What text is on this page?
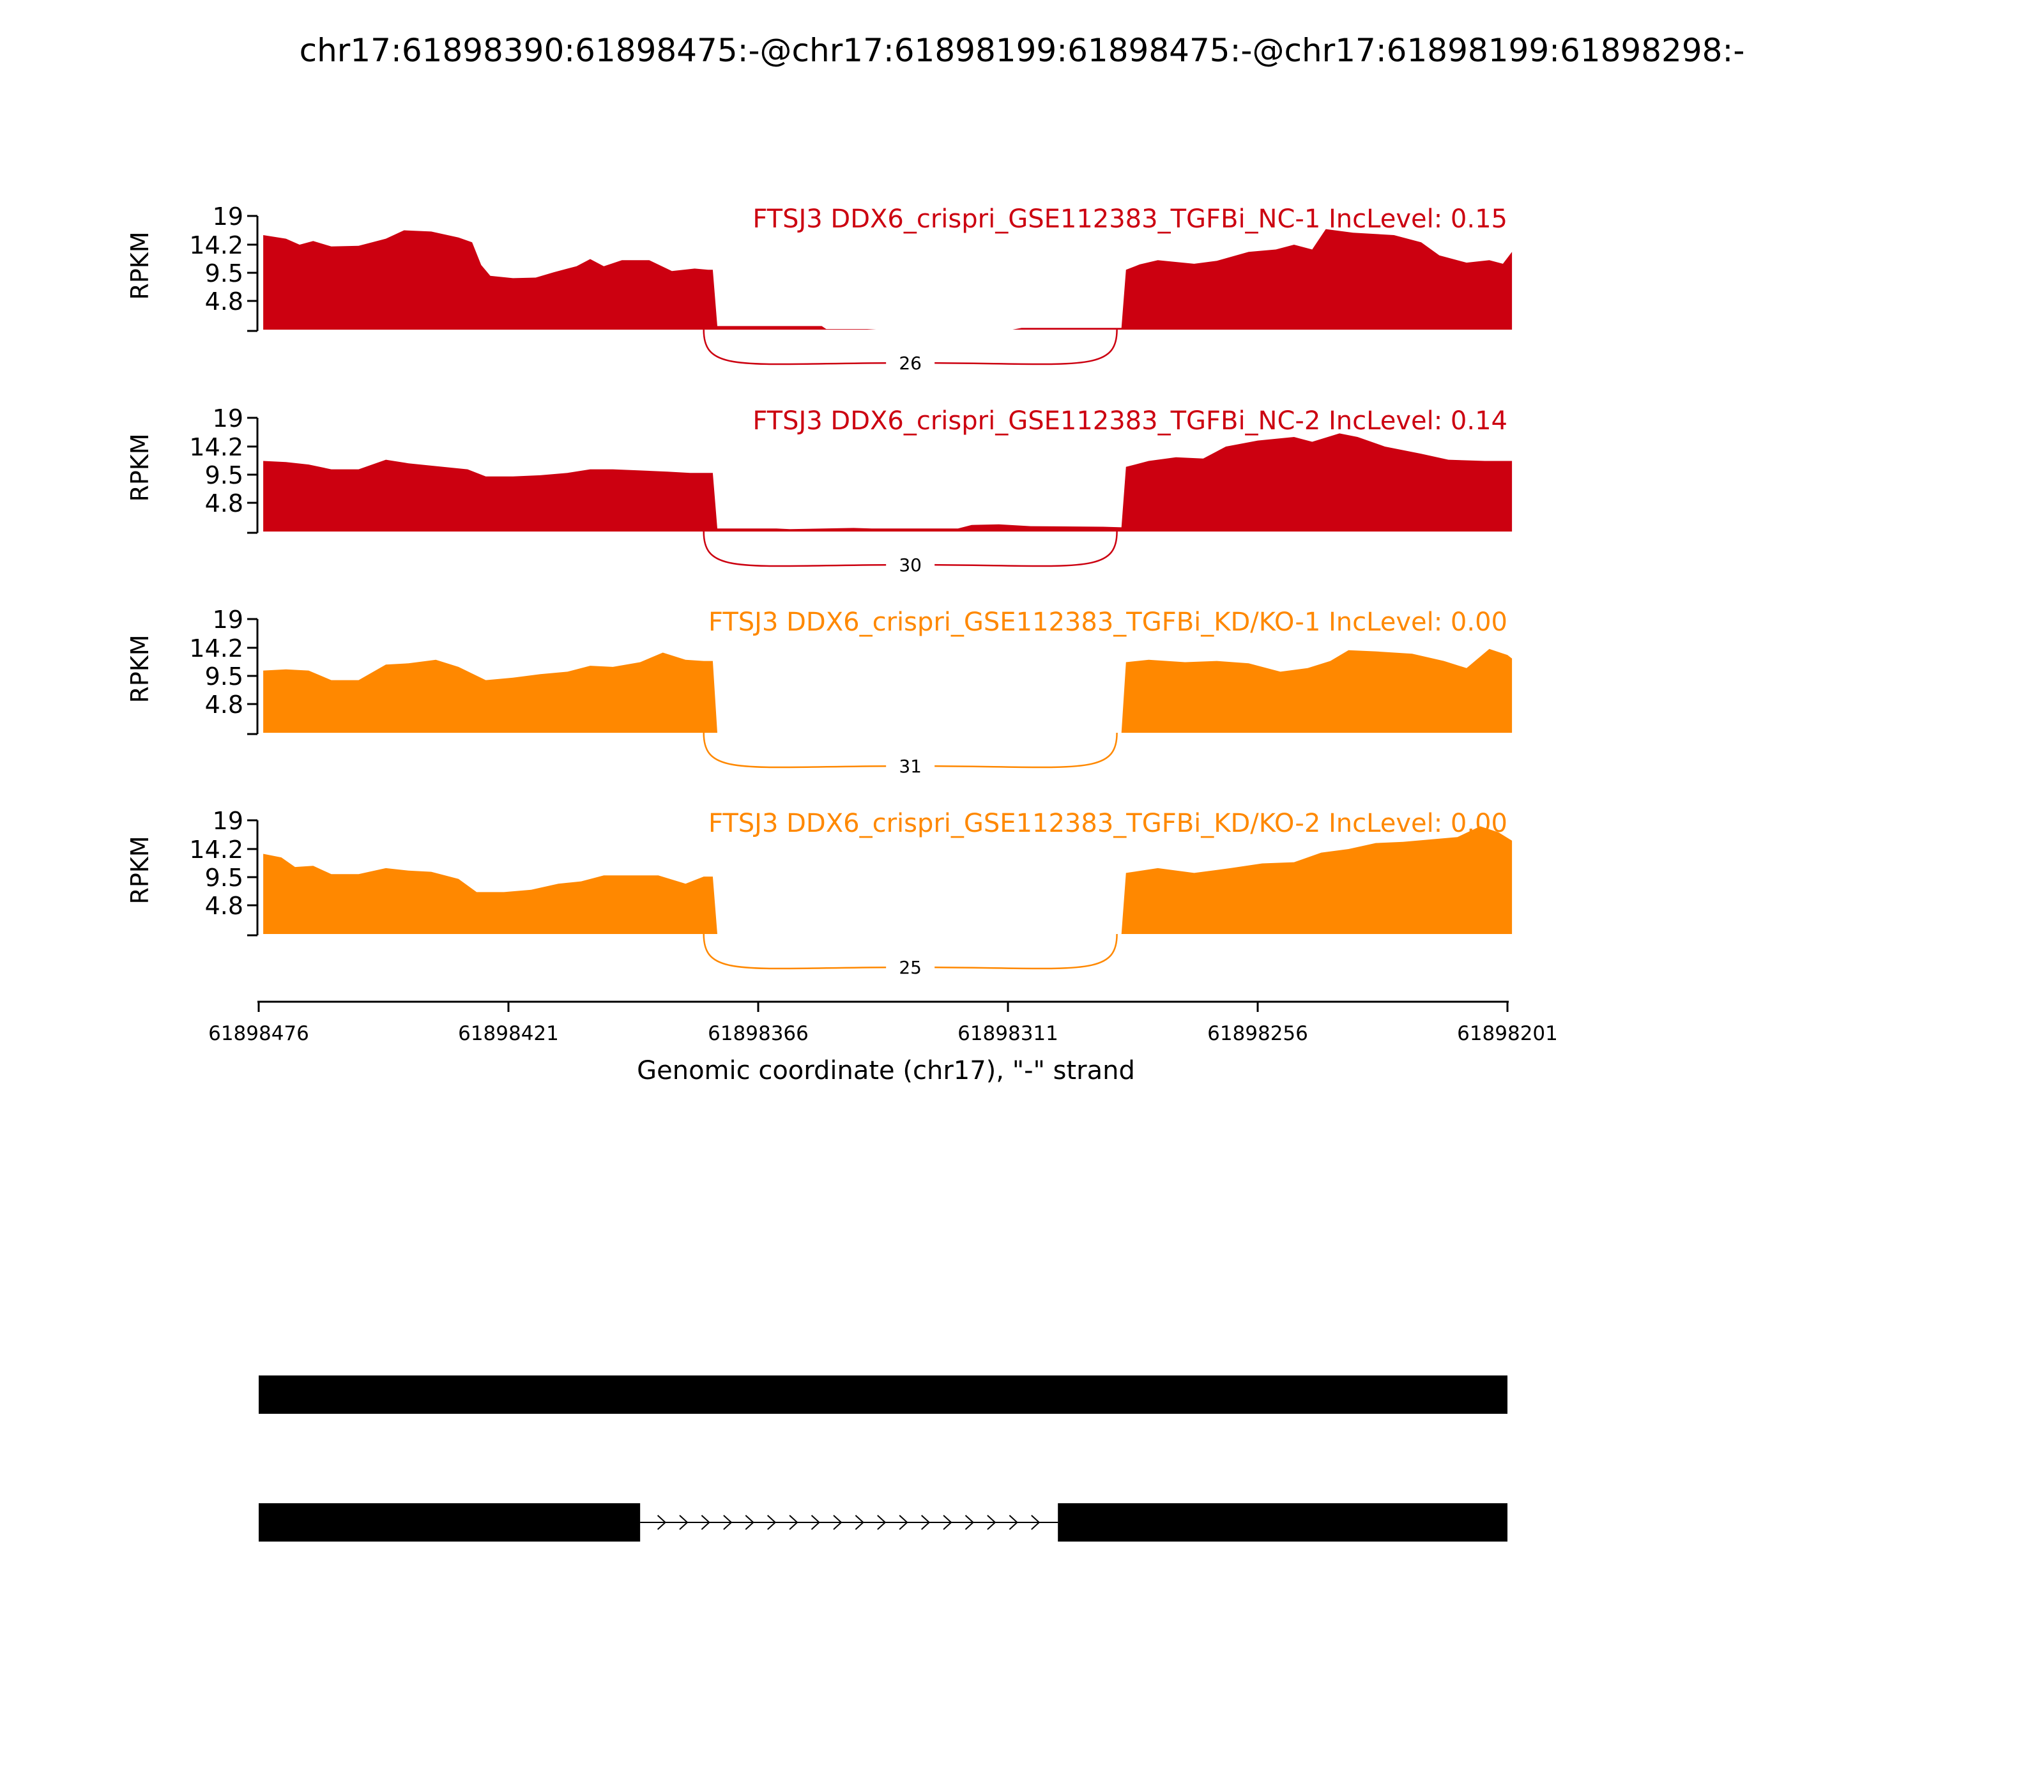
chr17:61898390:61898475:-@chr17:61898199:61898475:-@chr17:61898199:61898298:-
19
14.2
9.5
4.8
RPKM
FTSJ3 DDX6_crispri_GSE112383_TGFBi_NC-1 IncLevel: 0.15
26
19
14.2
9.5
4.8
RPKM
FTSJ3 DDX6_crispri_GSE112383_TGFBi_NC-2 IncLevel: 0.14
30
19
14.2
9.5
4.8
RPKM
FTSJ3 DDX6_crispri_GSE112383_TGFBi_KD/KO-1 IncLevel: 0.00
31
19
14.2
9.5
4.8
RPKM
FTSJ3 DDX6_crispri_GSE112383_TGFBi_KD/KO-2 IncLevel: 0.00
25
61898476	61898421	61898366	61898311	61898256	61898201
Genomic coordinate (chr17), "-" strand
